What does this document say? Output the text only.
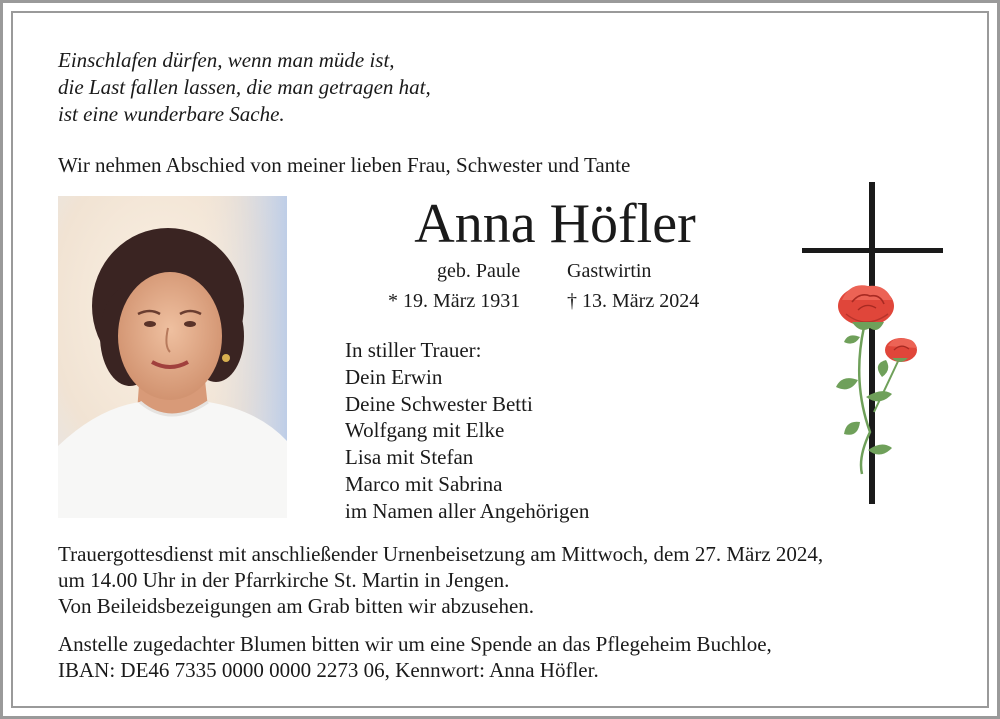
Einschlafen dürfen, wenn man müde ist,
die Last fallen lassen, die man getragen hat,
ist eine wunderbare Sache.
Wir nehmen Abschied von meiner lieben Frau, Schwester und Tante
Anna Höfler
geb. Paule Gastwirtin
* 19. März 1931 † 13. März 2024
In stiller Trauer:
Dein Erwin
Deine Schwester Betti
Wolfgang mit Elke
Lisa mit Stefan
Marco mit Sabrina
im Namen aller Angehörigen
Trauergottesdienst mit anschließender Urnenbeisetzung am Mittwoch, dem 27. März 2024,
um 14.00 Uhr in der Pfarrkirche St. Martin in Jengen.
Von Beileidsbezeigungen am Grab bitten wir abzusehen.
Anstelle zugedachter Blumen bitten wir um eine Spende an das Pflegeheim Buchloe,
IBAN: DE46 7335 0000 0000 2273 06, Kennwort: Anna Höfler.
